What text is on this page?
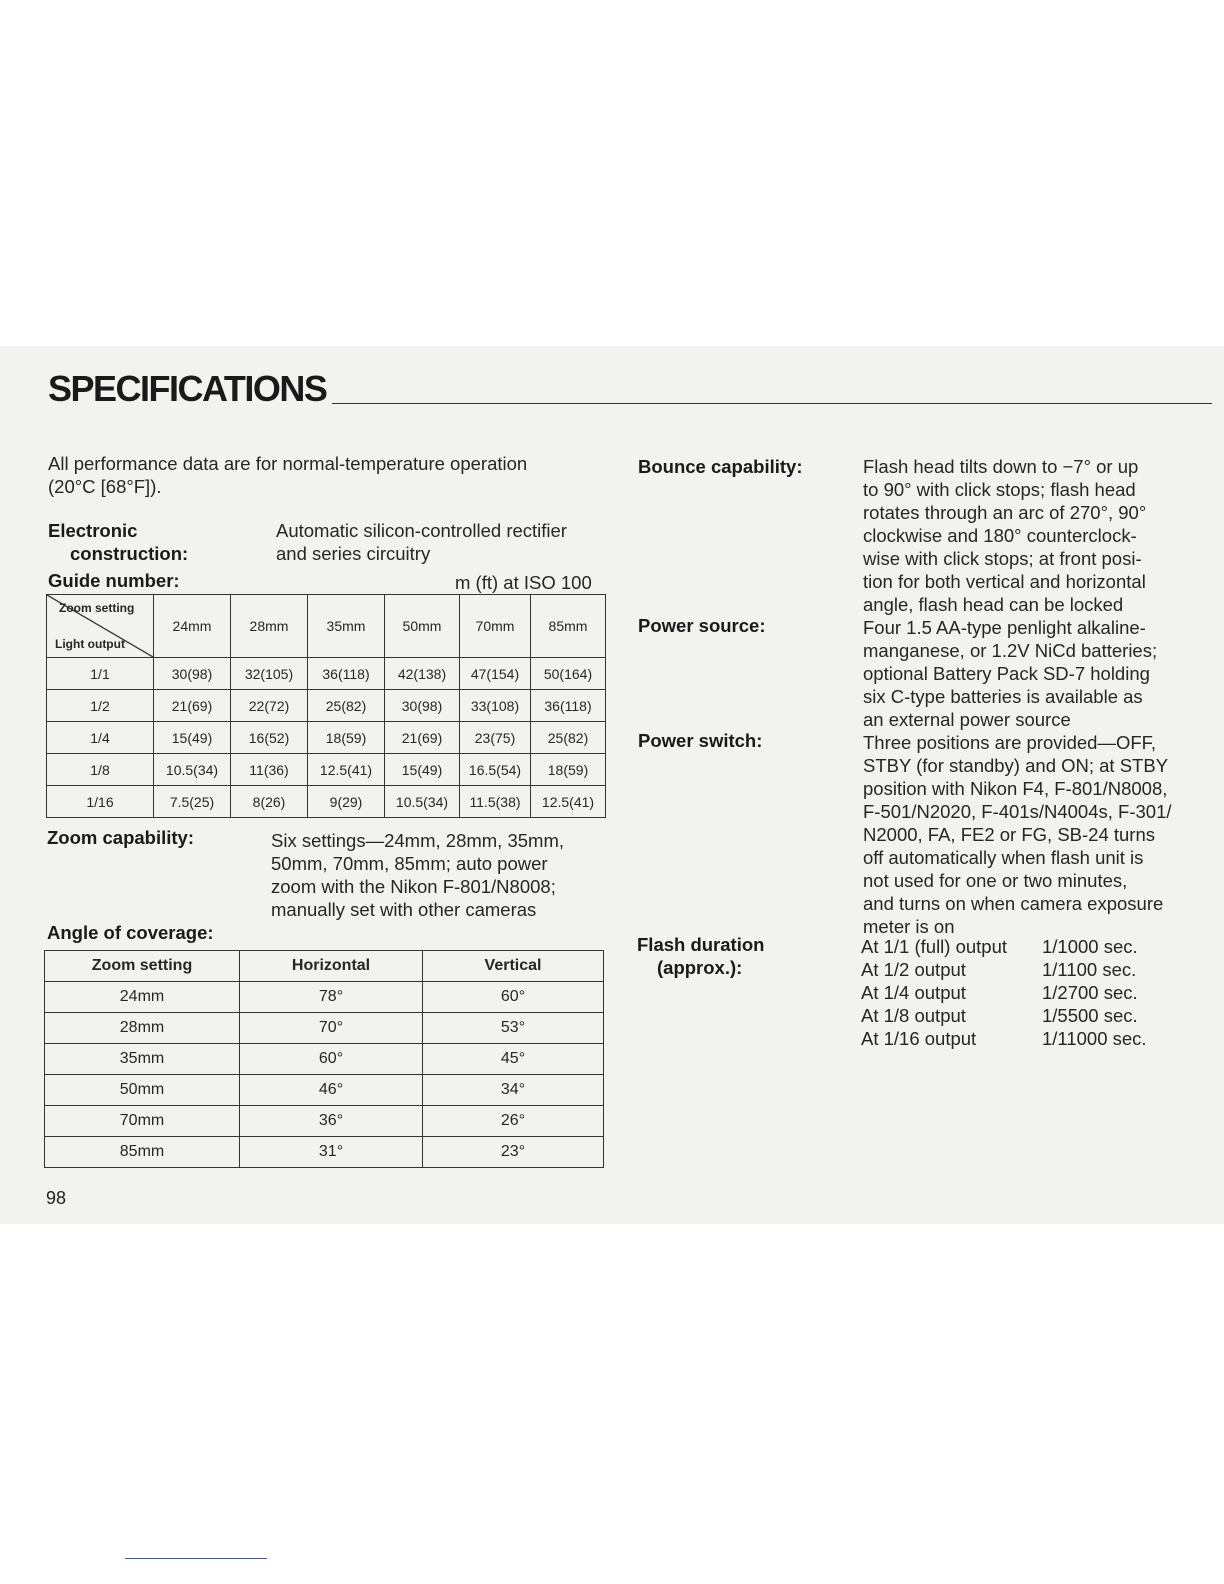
SPECIFICATIONS
All performance data are for normal-temperature operation
(20°C [68°F]).
Electronic
construction:
Automatic silicon-controlled rectifier
and series circuitry
Guide number:	m (ft) at ISO 100
Zoom setting
Light output	24mm	28mm	35mm	50mm	70mm	85mm
1/1	30(98)	32(105)	36(118)	42(138)	47(154)	50(164)
1/2	21(69)	22(72)	25(82)	30(98)	33(108)	36(118)
1/4	15(49)	16(52)	18(59)	21(69)	23(75)	25(82)
1/8	10.5(34)	11(36)	12.5(41)	15(49)	16.5(54)	18(59)
1/16	7.5(25)	8(26)	9(29)	10.5(34)	11.5(38)	12.5(41)
Zoom capability:	Six settings—24mm, 28mm, 35mm,
50mm, 70mm, 85mm; auto power
zoom with the Nikon F-801/N8008;
manually set with other cameras
Angle of coverage:
Zoom setting	Horizontal	Vertical
24mm	78°	60°
28mm	70°	53°
35mm	60°	45°
50mm	46°	34°
70mm	36°	26°
85mm	31°	23°
Bounce capability:	Flash head tilts down to −7° or up
to 90° with click stops; flash head
rotates through an arc of 270°, 90°
clockwise and 180° counterclock-
wise with click stops; at front posi-
tion for both vertical and horizontal
angle, flash head can be locked
Power source:	Four 1.5 AA-type penlight alkaline-
manganese, or 1.2V NiCd batteries;
optional Battery Pack SD-7 holding
six C-type batteries is available as
an external power source
Power switch:	Three positions are provided—OFF,
STBY (for standby) and ON; at STBY
position with Nikon F4, F-801/N8008,
F-501/N2020, F-401s/N4004s, F-301/
N2000, FA, FE2 or FG, SB-24 turns
off automatically when flash unit is
not used for one or two minutes,
and turns on when camera exposure
meter is on
Flash duration
(approx.):
At 1/1 (full) output 1/1000 sec.
At 1/2 output	1/1100 sec.
At 1/4 output	1/2700 sec.
At 1/8 output	1/5500 sec.
At 1/16 output	1/11000 sec.
98
